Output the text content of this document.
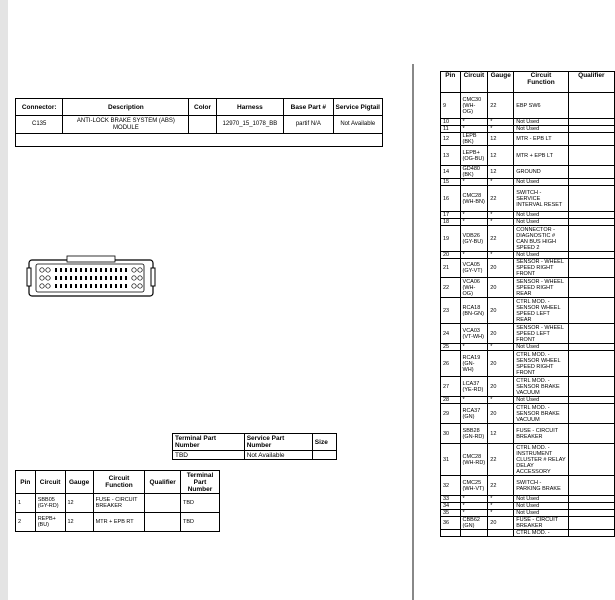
Connector:	Description	Color	Harness	Base Part #	Service Pigtail
C135	ANTI-LOCK BRAKE SYSTEM (ABS) MODULE		12970_15_1078_BB	partif N/A	Not Available

Terminal Part Number	Service Part Number	Size
TBD	Not Available	
Pin	Circuit	Gauge	Circuit Function	Qualifier	Terminal Part Number
1	SBB05 (GY-RD)	12	FUSE - CIRCUIT BREAKER		TBD
2	REPB+ (BU)	12	MTR + EPB RT		TBD
Pin	Circuit	Gauge	Circuit Function	Qualifier
9	CMC30 (WH-OG)	22	EBP SW6	
10	*	*	Not Used	
11	*	*	Not Used	
12	LEPB (BK)	12	MTR - EPB LT	
13	LEPB+ (OG-BU)	12	MTR + EPB LT	
14	GD480 (BK)	12	GROUND	
15	*	*	Not Used	
16	CMC28 (WH-BN)	22	SWITCH - SERVICE INTERVAL RESET	
17	*	*	Not Used	
18	*	*	Not Used	
19	VDB26 (GY-BU)	22	CONNECTOR - DIAGNOSTIC # CAN BUS HIGH SPEED 2	
20	*	*	Not Used	
21	VCA05 (GY-VT)	20	SENSOR - WHEEL SPEED RIGHT FRONT	
22	VCA06 (WH-OG)	20	SENSOR - WHEEL SPEED RIGHT REAR	
23	RCA18 (BN-GN)	20	CTRL MOD. - SENSOR WHEEL SPEED LEFT REAR	
24	VCA03 (VT-WH)	20	SENSOR - WHEEL SPEED LEFT FRONT	
25	*	*	Not Used	
26	RCA19 (GN-WH)	20	CTRL MOD. - SENSOR WHEEL SPEED RIGHT FRONT	
27	LCA37 (YE-RD)	20	CTRL MOD. - SENSOR BRAKE VACUUM	
28	*	*	Not Used	
29	RCA37 (GN)	20	CTRL MOD. - SENSOR BRAKE VACUUM	
30	SBB28 (GN-RD)	12	FUSE - CIRCUIT BREAKER	
31	CMC28 (WH-RD)	22	CTRL MOD. - INSTRUMENT CLUSTER # RELAY DELAY ACCESSORY	
32	CMC25 (WH-VT)	22	SWITCH - PARKING BRAKE	
33	*	*	Not Used	
34	*	*	Not Used	
35	*	*	Not Used	
36	CBB62 (GN)	20	FUSE - CIRCUIT BREAKER	
			CTRL MOD. -	
